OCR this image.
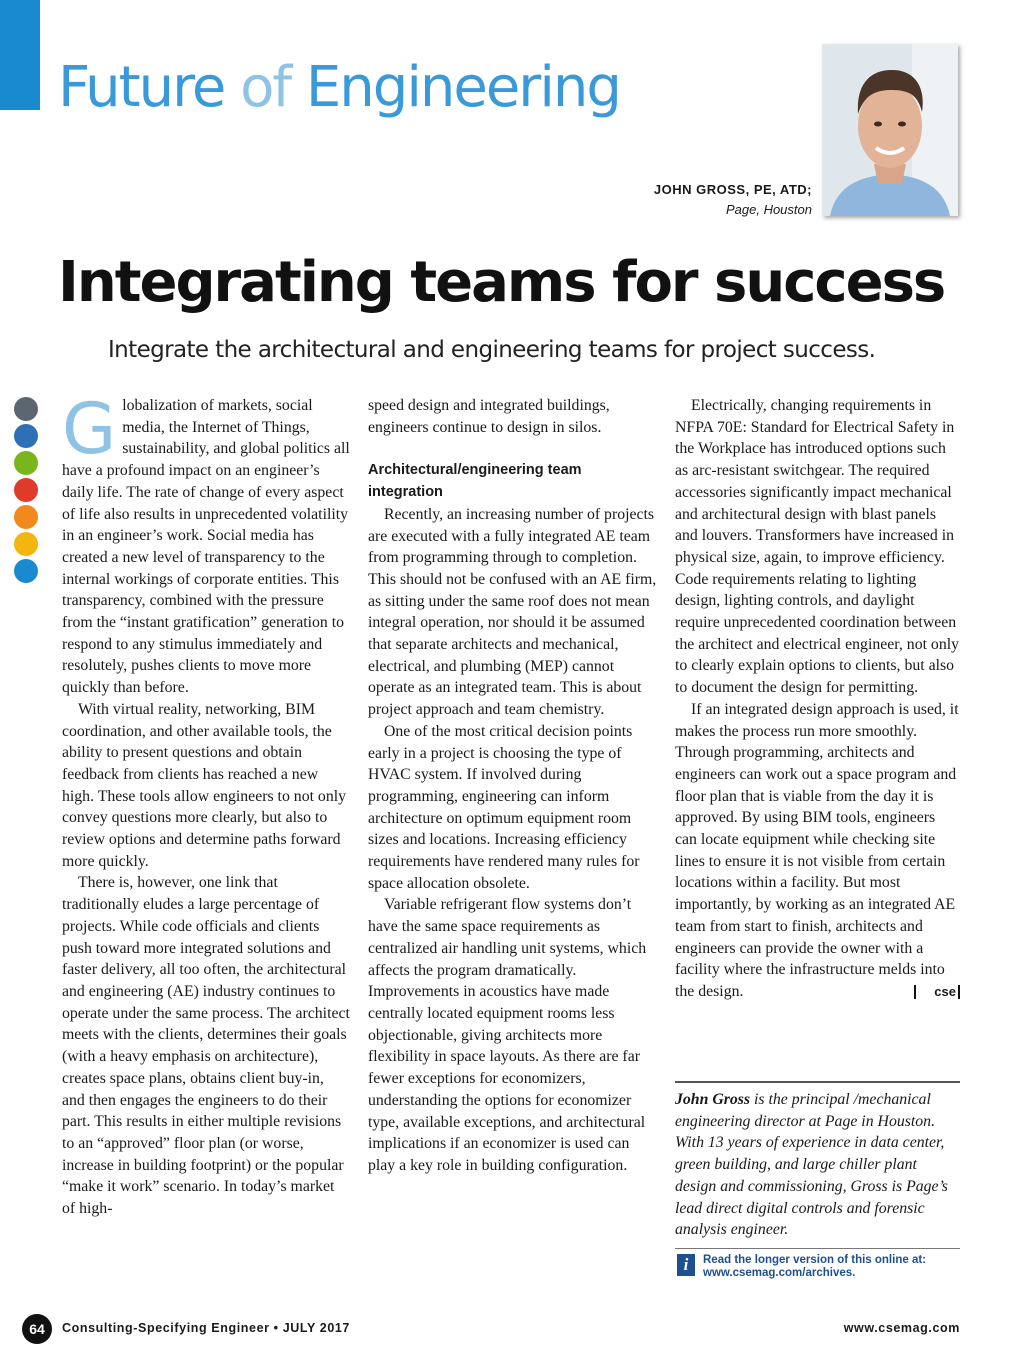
Future of Engineering
JOHN GROSS, PE, ATD;
Page, Houston
Integrating teams for success

Integrate the architectural and engineering teams for project success.

Globalization of markets, social media, the Internet of Things, sustainability, and global politics all have a profound impact on an engineer’s daily life. The rate of change of every aspect of life also results in unprecedented volatility in an engineer’s work. Social media has created a new level of transparency to the internal workings of corporate entities. This transparency, combined with the pressure from the “instant gratification” generation to respond to any stimulus immediately and resolutely, pushes clients to move more quickly than before.

With virtual reality, networking, BIM coordination, and other available tools, the ability to present questions and obtain feedback from clients has reached a new high. These tools allow engineers to not only convey questions more clearly, but also to review options and determine paths forward more quickly.

There is, however, one link that traditionally eludes a large percentage of projects. While code officials and clients push toward more integrated solutions and faster delivery, all too often, the architectural and engineering (AE) industry continues to operate under the same process. The architect meets with the clients, determines their goals (with a heavy emphasis on architecture), creates space plans, obtains client buy-in, and then engages the engineers to do their part. This results in either multiple revisions to an “approved” floor plan (or worse, increase in building footprint) or the popular “make it work” scenario. In today’s market of high-

speed design and integrated buildings, engineers continue to design in silos.

Architectural/engineering team integration

Recently, an increasing number of projects are executed with a fully integrated AE team from programming through to completion. This should not be confused with an AE firm, as sitting under the same roof does not mean integral operation, nor should it be assumed that separate architects and mechanical, electrical, and plumbing (MEP) cannot operate as an integrated team. This is about project approach and team chemistry.

One of the most critical decision points early in a project is choosing the type of HVAC system. If involved during programming, engineering can inform architecture on optimum equipment room sizes and locations. Increasing efficiency requirements have rendered many rules for space allocation obsolete.

Variable refrigerant flow systems don’t have the same space requirements as centralized air handling unit systems, which affects the program dramatically. Improvements in acoustics have made centrally located equipment rooms less objectionable, giving architects more flexibility in space layouts. As there are far fewer exceptions for economizers, understanding the options for economizer type, available exceptions, and architectural implications if an economizer is used can play a key role in building configuration.

Electrically, changing requirements in NFPA 70E: Standard for Electrical Safety in the Workplace has introduced options such as arc-resistant switchgear. The required accessories significantly impact mechanical and architectural design with blast panels and louvers. Transformers have increased in physical size, again, to improve efficiency. Code requirements relating to lighting design, lighting controls, and daylight require unprecedented coordination between the architect and electrical engineer, not only to clearly explain options to clients, but also to document the design for permitting.

If an integrated design approach is used, it makes the process run more smoothly. Through programming, architects and engineers can work out a space program and floor plan that is viable from the day it is approved. By using BIM tools, engineers can locate equipment while checking site lines to ensure it is not visible from certain locations within a facility. But most importantly, by working as an integrated AE team from start to finish, architects and engineers can provide the owner with a facility where the infrastructure melds into the design.	cse

John Gross is the principal /mechanical engineering director at Page in Houston. With 13 years of experience in data center, green building, and large chiller plant design and commissioning, Gross is Page’s lead direct digital controls and forensic analysis engineer.

i	Read the longer version of this online at:
www.csemag.com/archives.
64	Consulting-Specifying Engineer • JULY 2017	www.csemag.com
